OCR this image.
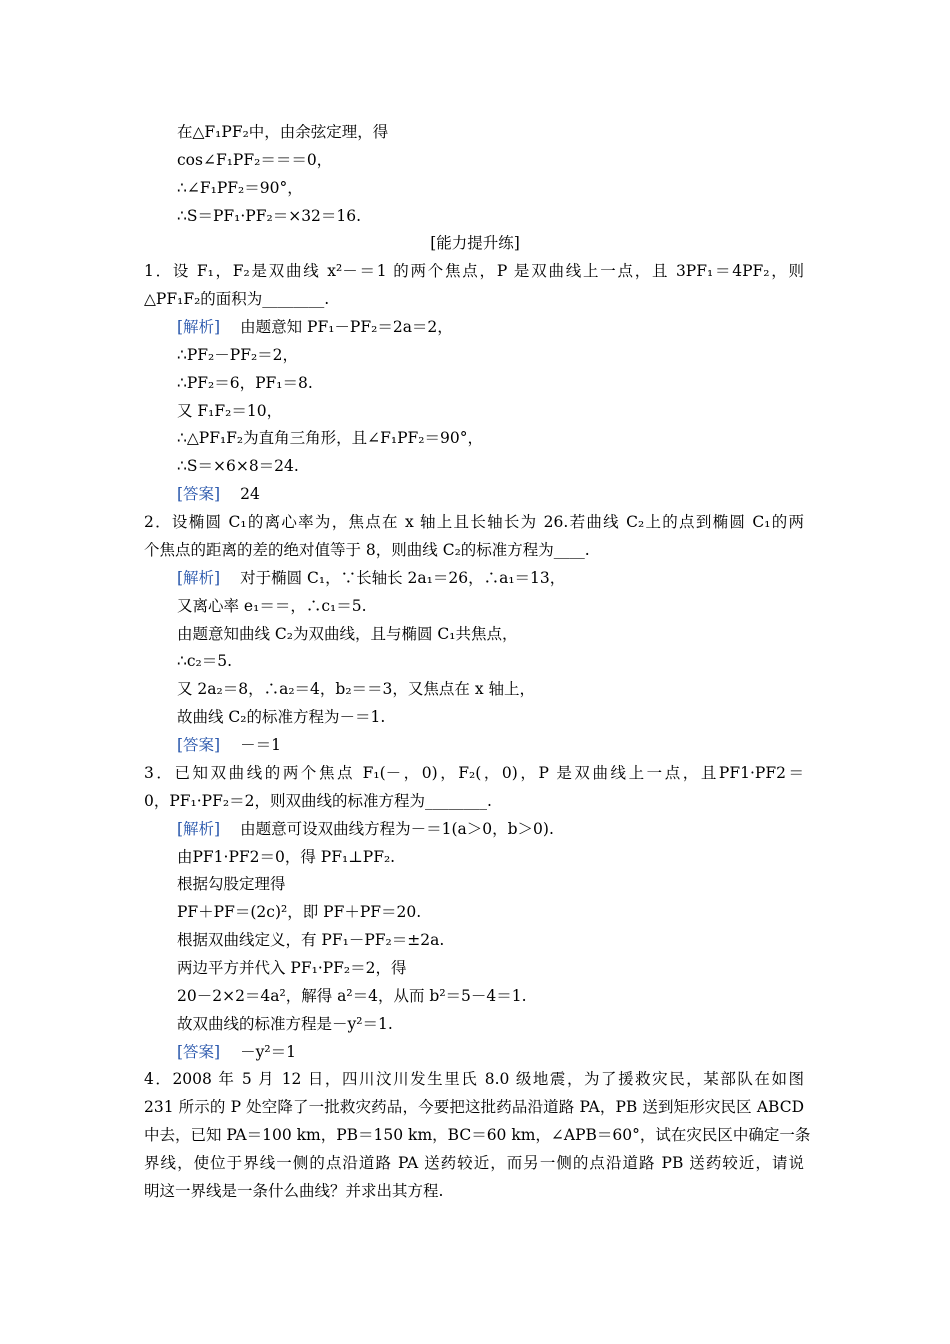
在△F₁PF₂中，由余弦定理，得
cos∠F₁PF₂＝＝＝0，
∴∠F₁PF₂＝90°，
∴S＝PF₁·PF₂＝×32＝16.
[能力提升练]
1．设 F₁，F₂是双曲线 x²－＝1 的两个焦点，P 是双曲线上一点，且 3PF₁＝4PF₂，则
△PF₁F₂的面积为________.
[解析] 由题意知 PF₁－PF₂＝2a＝2，
∴PF₂－PF₂＝2，
∴PF₂＝6，PF₁＝8.
又 F₁F₂＝10，
∴△PF₁F₂为直角三角形，且∠F₁PF₂＝90°，
∴S＝×6×8＝24.
[答案] 24
2．设椭圆 C₁的离心率为，焦点在 x 轴上且长轴长为 26.若曲线 C₂上的点到椭圆 C₁的两
个焦点的距离的差的绝对值等于 8，则曲线 C₂的标准方程为____.
[解析] 对于椭圆 C₁，∵长轴长 2a₁＝26，∴a₁＝13，
又离心率 e₁＝＝，∴c₁＝5.
由题意知曲线 C₂为双曲线，且与椭圆 C₁共焦点，
∴c₂＝5.
又 2a₂＝8，∴a₂＝4，b₂＝＝3，又焦点在 x 轴上，
故曲线 C₂的标准方程为－＝1.
[答案] －＝1
3．已知双曲线的两个焦点 F₁(－，0)，F₂(，0)，P 是双曲线上一点，且PF1·PF2＝
0，PF₁·PF₂＝2，则双曲线的标准方程为________.
[解析] 由题意可设双曲线方程为－＝1(a＞0，b＞0).
由PF1·PF2＝0，得 PF₁⊥PF₂.
根据勾股定理得
PF＋PF＝(2c)²，即 PF＋PF＝20.
根据双曲线定义，有 PF₁－PF₂＝±2a.
两边平方并代入 PF₁·PF₂＝2，得
20－2×2＝4a²，解得 a²＝4，从而 b²＝5－4＝1.
故双曲线的标准方程是－y²＝1.
[答案] －y²＝1
4．2008 年 5 月 12 日，四川汶川发生里氏 8.0 级地震，为了援救灾民，某部队在如图
231 所示的 P 处空降了一批救灾药品，今要把这批药品沿道路 PA，PB 送到矩形灾民区 ABCD
中去，已知 PA＝100 km，PB＝150 km，BC＝60 km，∠APB＝60°，试在灾民区中确定一条
界线，使位于界线一侧的点沿道路 PA 送药较近，而另一侧的点沿道路 PB 送药较近，请说
明这一界线是一条什么曲线？并求出其方程.
